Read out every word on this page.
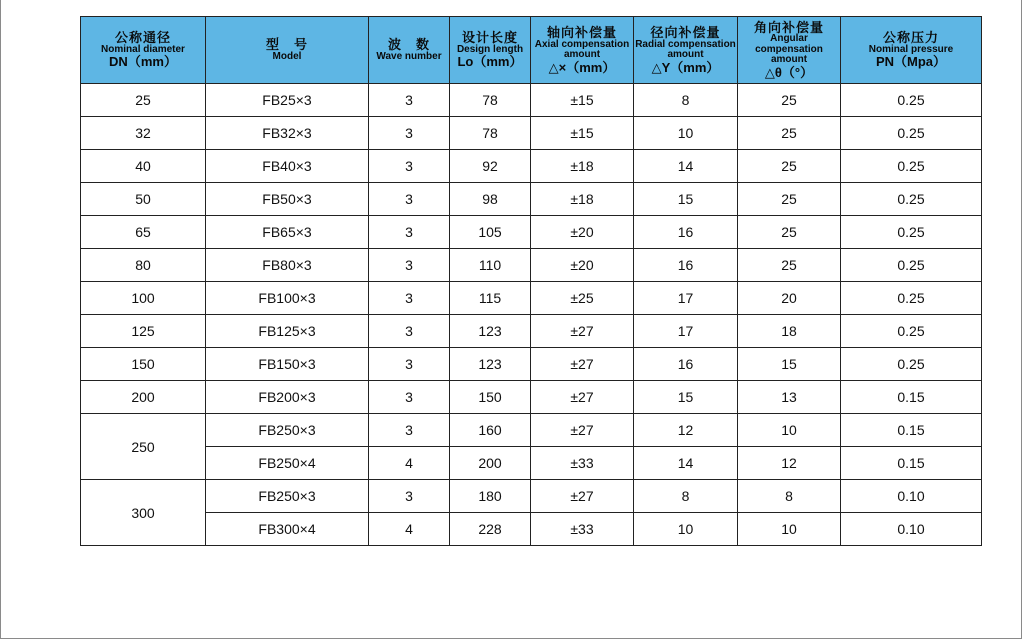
公称通径
Nominal diameter
DN（mm）	型　号
Model	波　数
Wave number	设计长度
Design length
Lo（mm）	轴向补偿量
Axial compensation amount
△×（mm）	径向补偿量
Radial compensation amount
△Y（mm）	角向补偿量
Angular compensation amount
△θ（°）	公称压力
Nominal pressure
PN（Mpa）

25	FB25×3	3	78	±15	8	25	0.25
32	FB32×3	3	78	±15	10	25	0.25
40	FB40×3	3	92	±18	14	25	0.25
50	FB50×3	3	98	±18	15	25	0.25
65	FB65×3	3	105	±20	16	25	0.25
80	FB80×3	3	110	±20	16	25	0.25
100	FB100×3	3	115	±25	17	20	0.25
125	FB125×3	3	123	±27	17	18	0.25
150	FB150×3	3	123	±27	16	15	0.25
200	FB200×3	3	150	±27	15	13	0.15
250	FB250×3	3	160	±27	12	10	0.15
	FB250×4	4	200	±33	14	12	0.15
300	FB250×3	3	180	±27	8	8	0.10
	FB300×4	4	228	±33	10	10	0.10
